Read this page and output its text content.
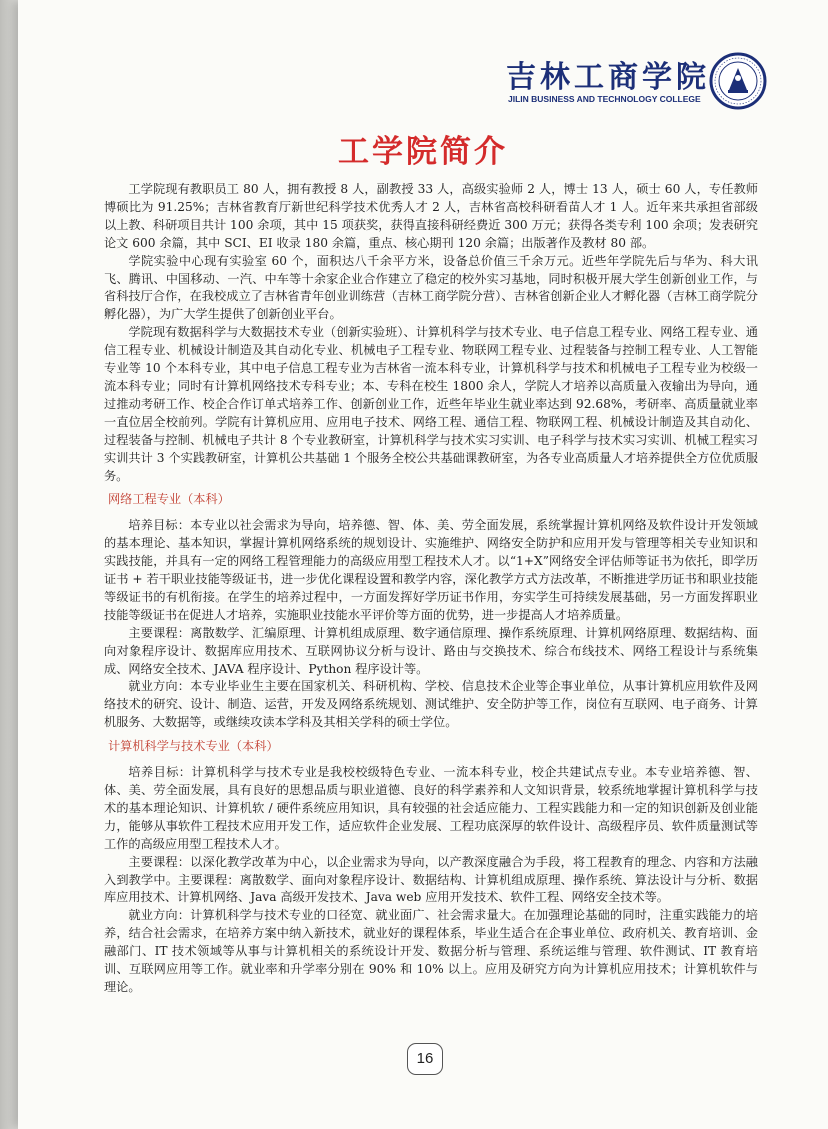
吉林工商学院
JILIN BUSINESS AND TECHNOLOGY COLLEGE
工学院简介

工学院现有教职员工 80 人，拥有教授 8 人，副教授 33 人，高级实验师 2 人，博士 13 人，硕士 60 人，专任教师博硕比为 91.25%；吉林省教育厅新世纪科学技术优秀人才 2 人，吉林省高校科研看苗人才 1 人。近年来共承担省部级以上教、科研项目共计 100 余项，其中 15 项获奖，获得直接科研经费近 300 万元；获得各类专利 100 余项；发表研究论文 600 余篇，其中 SCI、EI 收录 180 余篇，重点、核心期刊 120 余篇；出版著作及教材 80 部。

学院实验中心现有实验室 60 个，面积达八千余平方米，设备总价值三千余万元。近些年学院先后与华为、科大讯飞、腾讯、中国移动、一汽、中车等十余家企业合作建立了稳定的校外实习基地，同时积极开展大学生创新创业工作，与省科技厅合作，在我校成立了吉林省青年创业训练营（吉林工商学院分营）、吉林省创新企业人才孵化器（吉林工商学院分孵化器），为广大学生提供了创新创业平台。

学院现有数据科学与大数据技术专业（创新实验班）、计算机科学与技术专业、电子信息工程专业、网络工程专业、通信工程专业、机械设计制造及其自动化专业、机械电子工程专业、物联网工程专业、过程装备与控制工程专业、人工智能专业等 10 个本科专业，其中电子信息工程专业为吉林省一流本科专业，计算机科学与技术和机械电子工程专业为校级一流本科专业；同时有计算机网络技术专科专业；本、专科在校生 1800 余人，学院人才培养以高质量入夜输出为导向，通过推动考研工作、校企合作订单式培养工作、创新创业工作，近些年毕业生就业率达到 92.68%，考研率、高质量就业率一直位居全校前列。学院有计算机应用、应用电子技术、网络工程、通信工程、物联网工程、机械设计制造及其自动化、过程装备与控制、机械电子共计 8 个专业教研室，计算机科学与技术实习实训、电子科学与技术实习实训、机械工程实习实训共计 3 个实践教研室，计算机公共基础 1 个服务全校公共基础课教研室，为各专业高质量人才培养提供全方位优质服务。

网络工程专业（本科）

培养目标：本专业以社会需求为导向，培养德、智、体、美、劳全面发展，系统掌握计算机网络及软件设计开发领域的基本理论、基本知识，掌握计算机网络系统的规划设计、实施维护、网络安全防护和应用开发与管理等相关专业知识和实践技能，并具有一定的网络工程管理能力的高级应用型工程技术人才。以“1+X”网络安全评估师等证书为依托，即学历证书 + 若干职业技能等级证书，进一步优化课程设置和教学内容，深化教学方式方法改革，不断推进学历证书和职业技能等级证书的有机衔接。在学生的培养过程中，一方面发挥好学历证书作用，夯实学生可持续发展基础，另一方面发挥职业技能等级证书在促进人才培养，实施职业技能水平评价等方面的优势，进一步提高人才培养质量。

主要课程：离散数学、汇编原理、计算机组成原理、数字通信原理、操作系统原理、计算机网络原理、数据结构、面向对象程序设计、数据库应用技术、互联网协议分析与设计、路由与交换技术、综合布线技术、网络工程设计与系统集成、网络安全技术、JAVA 程序设计、Python 程序设计等。

就业方向：本专业毕业生主要在国家机关、科研机构、学校、信息技术企业等企事业单位，从事计算机应用软件及网络技术的研究、设计、制造、运营，开发及网络系统规划、测试维护、安全防护等工作，岗位有互联网、电子商务、计算机服务、大数据等，或继续攻读本学科及其相关学科的硕士学位。

计算机科学与技术专业（本科）

培养目标：计算机科学与技术专业是我校校级特色专业、一流本科专业，校企共建试点专业。本专业培养德、智、体、美、劳全面发展，具有良好的思想品质与职业道德、良好的科学素养和人文知识背景，较系统地掌握计算机科学与技术的基本理论知识、计算机软 / 硬件系统应用知识，具有较强的社会适应能力、工程实践能力和一定的知识创新及创业能力，能够从事软件工程技术应用开发工作，适应软件企业发展、工程功底深厚的软件设计、高级程序员、软件质量测试等工作的高级应用型工程技术人才。

主要课程：以深化教学改革为中心，以企业需求为导向，以产教深度融合为手段，将工程教育的理念、内容和方法融入到教学中。主要课程：离散数学、面向对象程序设计、数据结构、计算机组成原理、操作系统、算法设计与分析、数据库应用技术、计算机网络、Java 高级开发技术、Java web 应用开发技术、软件工程、网络安全技术等。

就业方向：计算机科学与技术专业的口径宽、就业面广、社会需求量大。在加强理论基础的同时，注重实践能力的培养，结合社会需求，在培养方案中纳入新技术，就业好的课程体系，毕业生适合在企事业单位、政府机关、教育培训、金融部门、IT 技术领域等从事与计算机相关的系统设计开发、数据分析与管理、系统运维与管理、软件测试、IT 教育培训、互联网应用等工作。就业率和升学率分别在 90% 和 10% 以上。应用及研究方向为计算机应用技术；计算机软件与理论。

16
